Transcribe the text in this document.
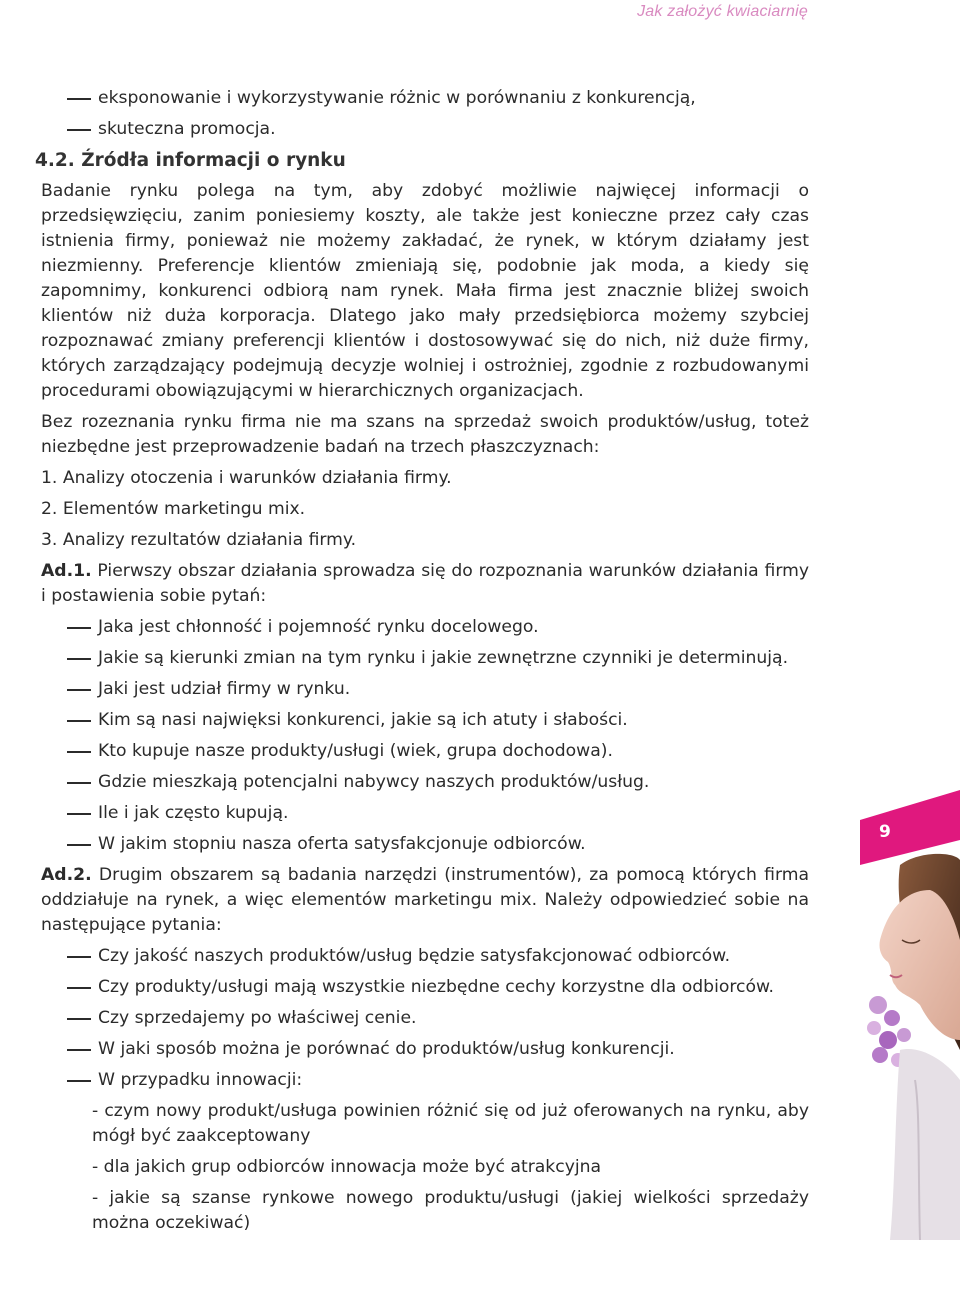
Jak założyć kwiaciarnię
eksponowanie i wykorzystywanie różnic w porównaniu z konkurencją,
skuteczna promocja.
4.2. Źródła informacji o rynku

Badanie rynku polega na tym, aby zdobyć możliwie najwięcej informacji o przedsięwzięciu, zanim poniesiemy koszty, ale także jest konieczne przez cały czas istnienia firmy, ponieważ nie możemy zakładać, że rynek, w którym działamy jest niezmienny. Preferencje klientów zmieniają się, podobnie jak moda, a kiedy się zapomnimy, konkurenci odbiorą nam rynek. Mała firma jest znacznie bliżej swoich klientów niż duża korporacja. Dlatego jako mały przedsiębiorca możemy szybciej rozpoznawać zmiany preferencji klientów i dostosowywać się do nich, niż duże firmy, których zarządzający podejmują decyzje wolniej i ostrożniej, zgodnie z rozbudowanymi procedurami obowiązującymi w hierarchicznych organizacjach.

Bez rozeznania rynku firma nie ma szans na sprzedaż swoich produktów/usług, toteż niezbędne jest przeprowadzenie badań na trzech płaszczyznach:

1. Analizy otoczenia i warunków działania firmy.

2. Elementów marketingu mix.

3. Analizy rezultatów działania firmy.

Ad.1. Pierwszy obszar działania sprowadza się do rozpoznania warunków działania firmy i postawienia sobie pytań:

Jaka jest chłonność i pojemność rynku docelowego.
Jakie są kierunki zmian na tym rynku i jakie zewnętrzne czynniki je determinują.
Jaki jest udział firmy w rynku.
Kim są nasi najwięksi konkurenci, jakie są ich atuty i słabości.
Kto kupuje nasze produkty/usługi (wiek, grupa dochodowa).
Gdzie mieszkają potencjalni nabywcy naszych produktów/usług.
Ile i jak często kupują.
W jakim stopniu nasza oferta satysfakcjonuje odbiorców.

Ad.2. Drugim obszarem są badania narzędzi (instrumentów), za pomocą których firma oddziałuje na rynek, a więc elementów marketingu mix. Należy odpowiedzieć sobie na następujące pytania:

Czy jakość naszych produktów/usług będzie satysfakcjonować odbiorców.
Czy produkty/usługi mają wszystkie niezbędne cechy korzystne dla odbiorców.
Czy sprzedajemy po właściwej cenie.
W jaki sposób można je porównać do produktów/usług konkurencji.
W przypadku innowacji:
- czym nowy produkt/usługa powinien różnić się od już oferowanych na rynku, aby mógł być zaakceptowany
- dla jakich grup odbiorców innowacja może być atrakcyjna
- jakie są szanse rynkowe nowego produktu/usługi (jakiej wielkości sprzedaży można oczekiwać)
9
